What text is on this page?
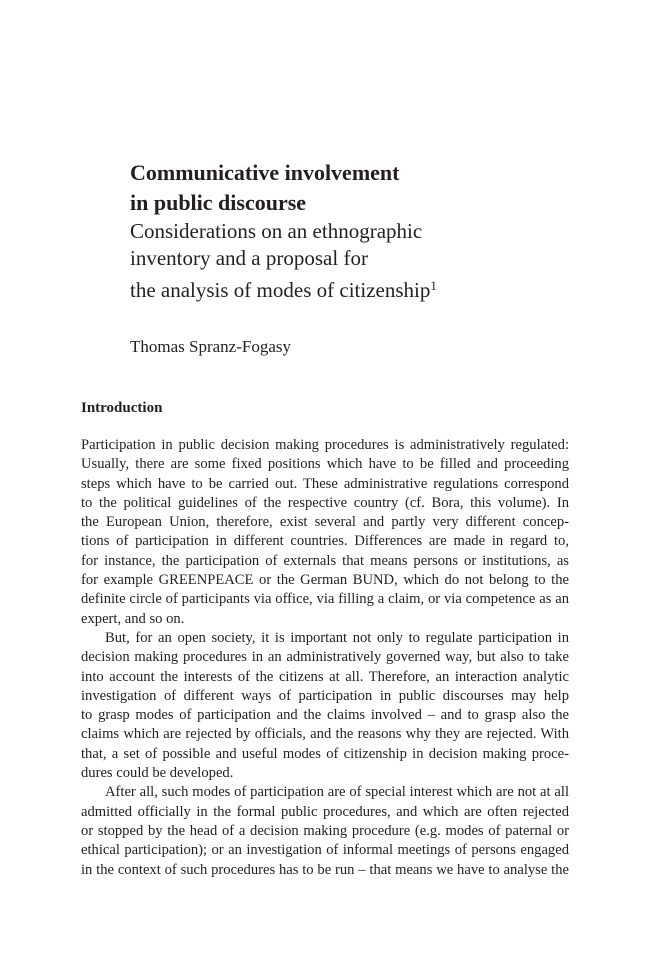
Communicative involvement
in public discourse
Considerations on an ethnographic
inventory and a proposal for
the analysis of modes of citizenship$^1$
Thomas Spranz-Fogasy
Introduction

Participation in public decision making procedures is administratively regulated:

Usually, there are some fixed positions which have to be filled and proceeding

steps which have to be carried out. These administrative regulations correspond

to the political guidelines of the respective country (cf. Bora, this volume). In

the European Union, therefore, exist several and partly very different concep-

tions of participation in different countries. Differences are made in regard to,

for instance, the participation of externals that means persons or institutions, as

for example GREENPEACE or the German BUND, which do not belong to the

definite circle of participants via office, via filling a claim, or via competence as an

expert, and so on.

But, for an open society, it is important not only to regulate participation in

decision making procedures in an administratively governed way, but also to take

into account the interests of the citizens at all. Therefore, an interaction analytic

investigation of different ways of participation in public discourses may help

to grasp modes of participation and the claims involved – and to grasp also the

claims which are rejected by officials, and the reasons why they are rejected. With

that, a set of possible and useful modes of citizenship in decision making proce-

dures could be developed.

After all, such modes of participation are of special interest which are not at all

admitted officially in the formal public procedures, and which are often rejected

or stopped by the head of a decision making procedure (e.g. modes of paternal or

ethical participation); or an investigation of informal meetings of persons engaged

in the context of such procedures has to be run – that means we have to analyse the
